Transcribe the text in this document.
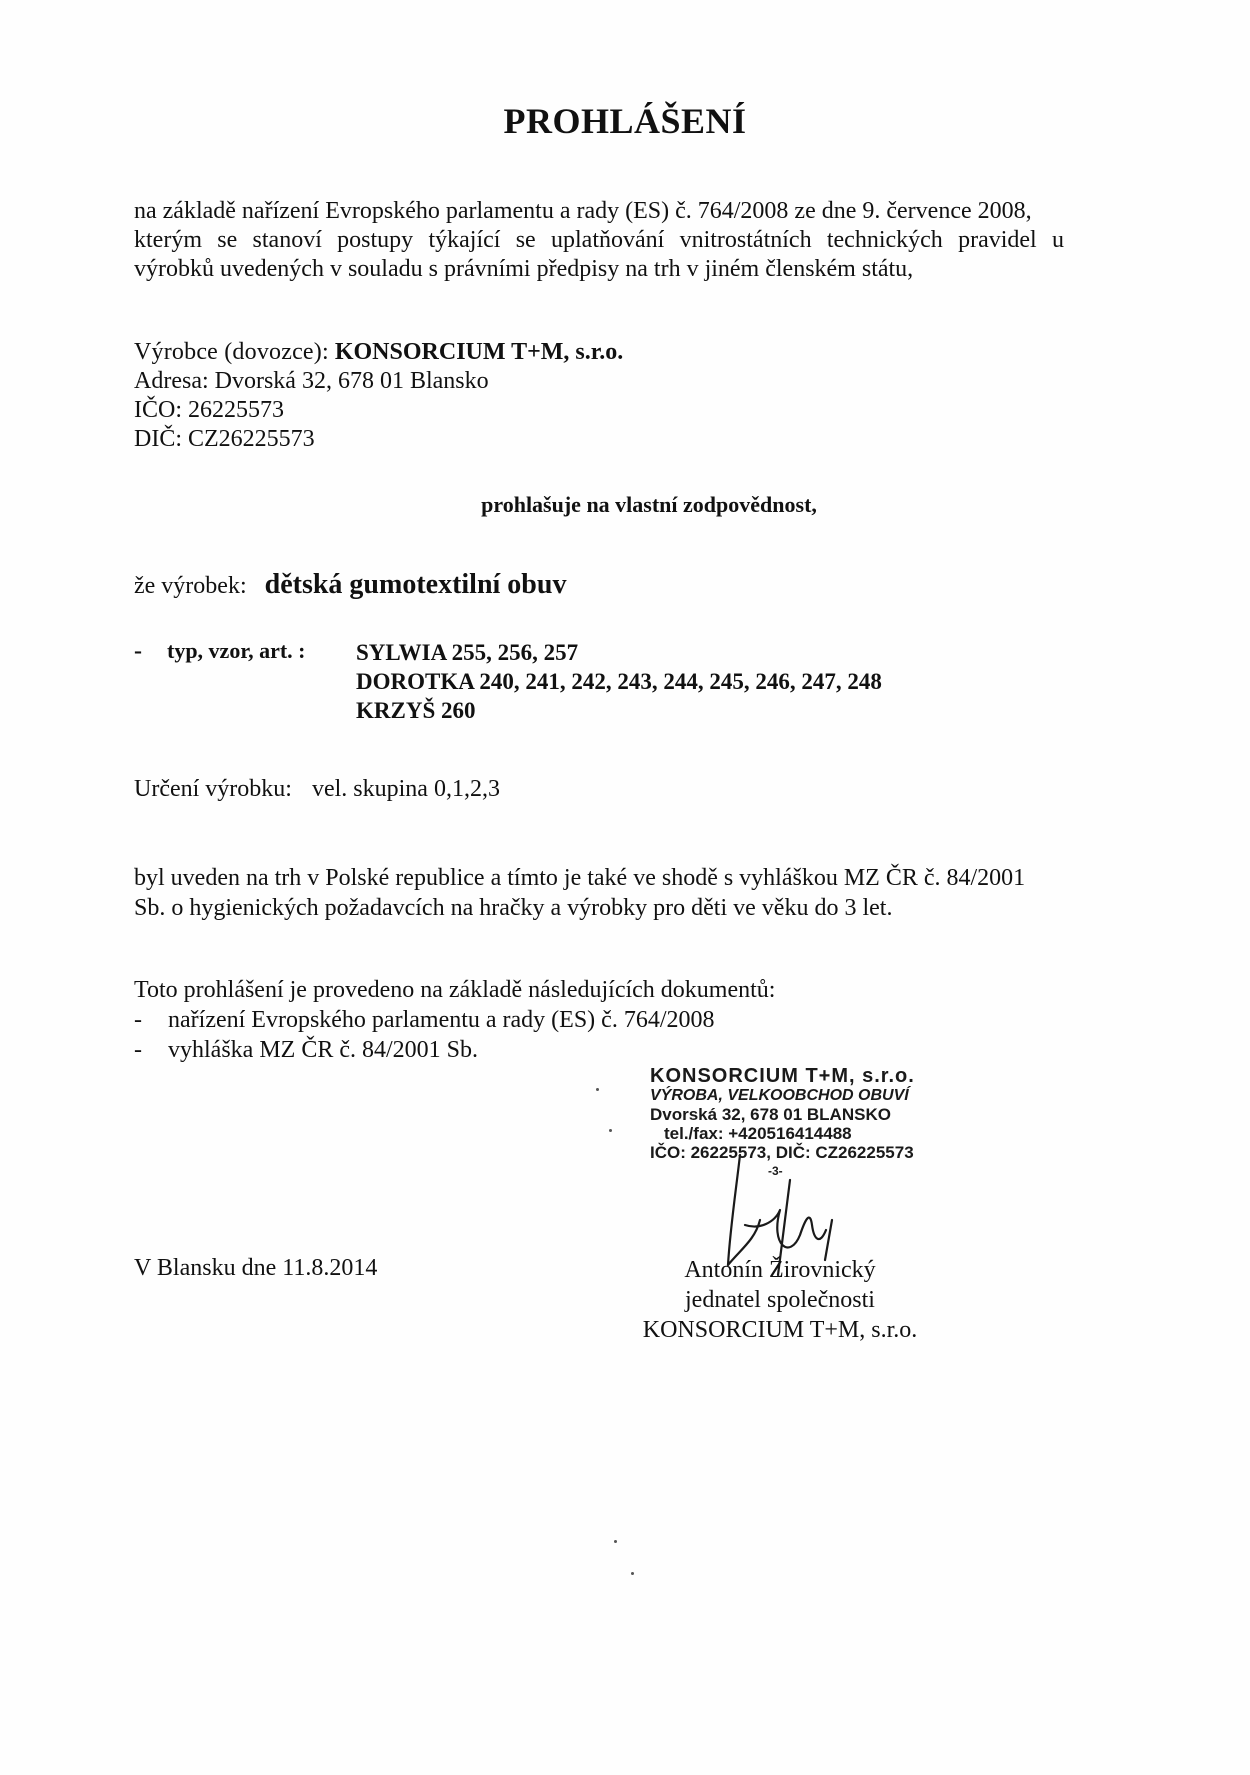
PROHLÁŠENÍ
na základě nařízení Evropského parlamentu a rady (ES) č. 764/2008 ze dne 9. července 2008,
kterým se stanoví postupy týkající se uplatňování vnitrostátních technických pravidel u
výrobků uvedených v souladu s právními předpisy na trh v jiném členském státu,
Výrobce (dovozce): KONSORCIUM T+M, s.r.o.
Adresa: Dvorská 32, 678 01 Blansko
IČO: 26225573
DIČ: CZ26225573
prohlašuje na vlastní zodpovědnost,
že výrobek: dětská gumotextilní obuv
- typ, vzor, art. : SYLWIA 255, 256, 257
DOROTKA 240, 241, 242, 243, 244, 245, 246, 247, 248
KRZYŠ 260
Určení výrobku: vel. skupina 0,1,2,3
byl uveden na trh v Polské republice a tímto je také ve shodě s vyhláškou MZ ČR č. 84/2001
Sb. o hygienických požadavcích na hračky a výrobky pro děti ve věku do 3 let.
Toto prohlášení je provedeno na základě následujících dokumentů:
- nařízení Evropského parlamentu a rady (ES) č. 764/2008
- vyhláška MZ ČR č. 84/2001 Sb.
KONSORCIUM T+M, s.r.o.
VÝROBA, VELKOOBCHOD OBUVÍ
Dvorská 32, 678 01 BLANSKO
tel./fax: +420516414488
IČO: 26225573, DIČ: CZ26225573
-3-
V Blansku dne 11.8.2014	Antonín Žirovnický
jednatel společnosti
KONSORCIUM T+M, s.r.o.
